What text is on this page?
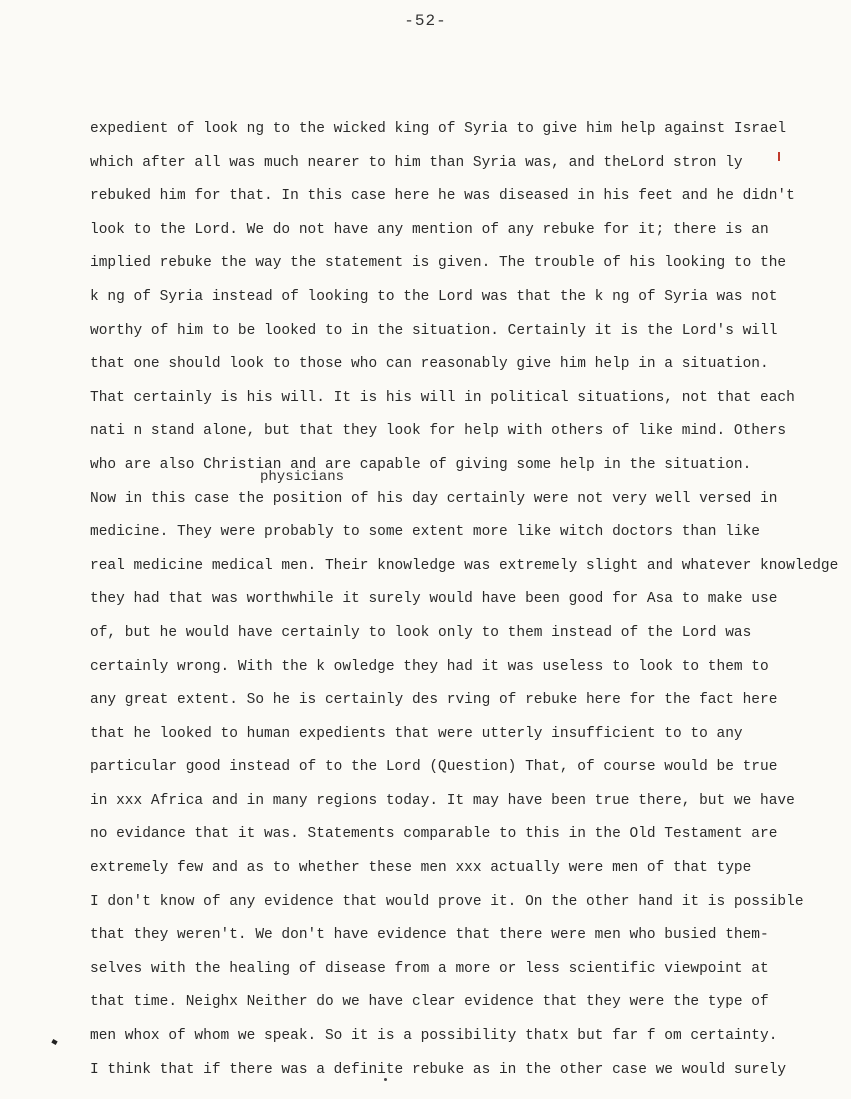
-52-
physicians
expedient of look ng to the wicked king of Syria to give him help against Israel
which after all was much nearer to him than Syria was, and theLord stron ly
rebuked him for that. In this case here he was diseased in his feet and he didn't
look to the Lord. We do not have any mention of any rebuke for it; there is an
implied rebuke the way the statement is given. The trouble of his looking to the
k ng of Syria instead of looking to the Lord was that the k ng of Syria was not
worthy of him to be looked to in the situation. Certainly it is the Lord's will
that one should look to those who can reasonably give him help in a situation.
That certainly is his will. It is his will in political situations, not that each
nati n stand alone, but that they look for help with others of like mind. Others
who are also Christian and are capable of giving some help in the situation.
Now in this case the position of his day certainly were not very well versed in
medicine. They were probably to some extent more like witch doctors than like
real medicine medical men. Their knowledge was extremely slight and whatever knowledge
they had that was worthwhile it surely would have been good for Asa to make use
of, but he would have certainly to look only to them instead of the Lord was
certainly wrong. With the k owledge they had it was useless to look to them to
any great extent. So he is certainly des rving of rebuke here for the fact here
that he looked to human expedients that were utterly insufficient to to any
particular good instead of to the Lord (Question) That, of course would be true
in xxx Africa and in many regions today. It may have been true there, but we have
no evidance that it was. Statements comparable to this in the Old Testament are
extremely few and as to whether these men xxx actually were men of that type
I don't know of any evidence that would prove it. On the other hand it is possible
that they weren't. We don't have evidence that there were men who busied them-
selves with the healing of disease from a more or less scientific viewpoint at
that time. Neighx Neither do we have clear evidence that they were the type of
men whox of whom we speak. So it is a possibility thatx but far f om certainty.
I think that if there was a definite rebuke as in the other case we would surely
